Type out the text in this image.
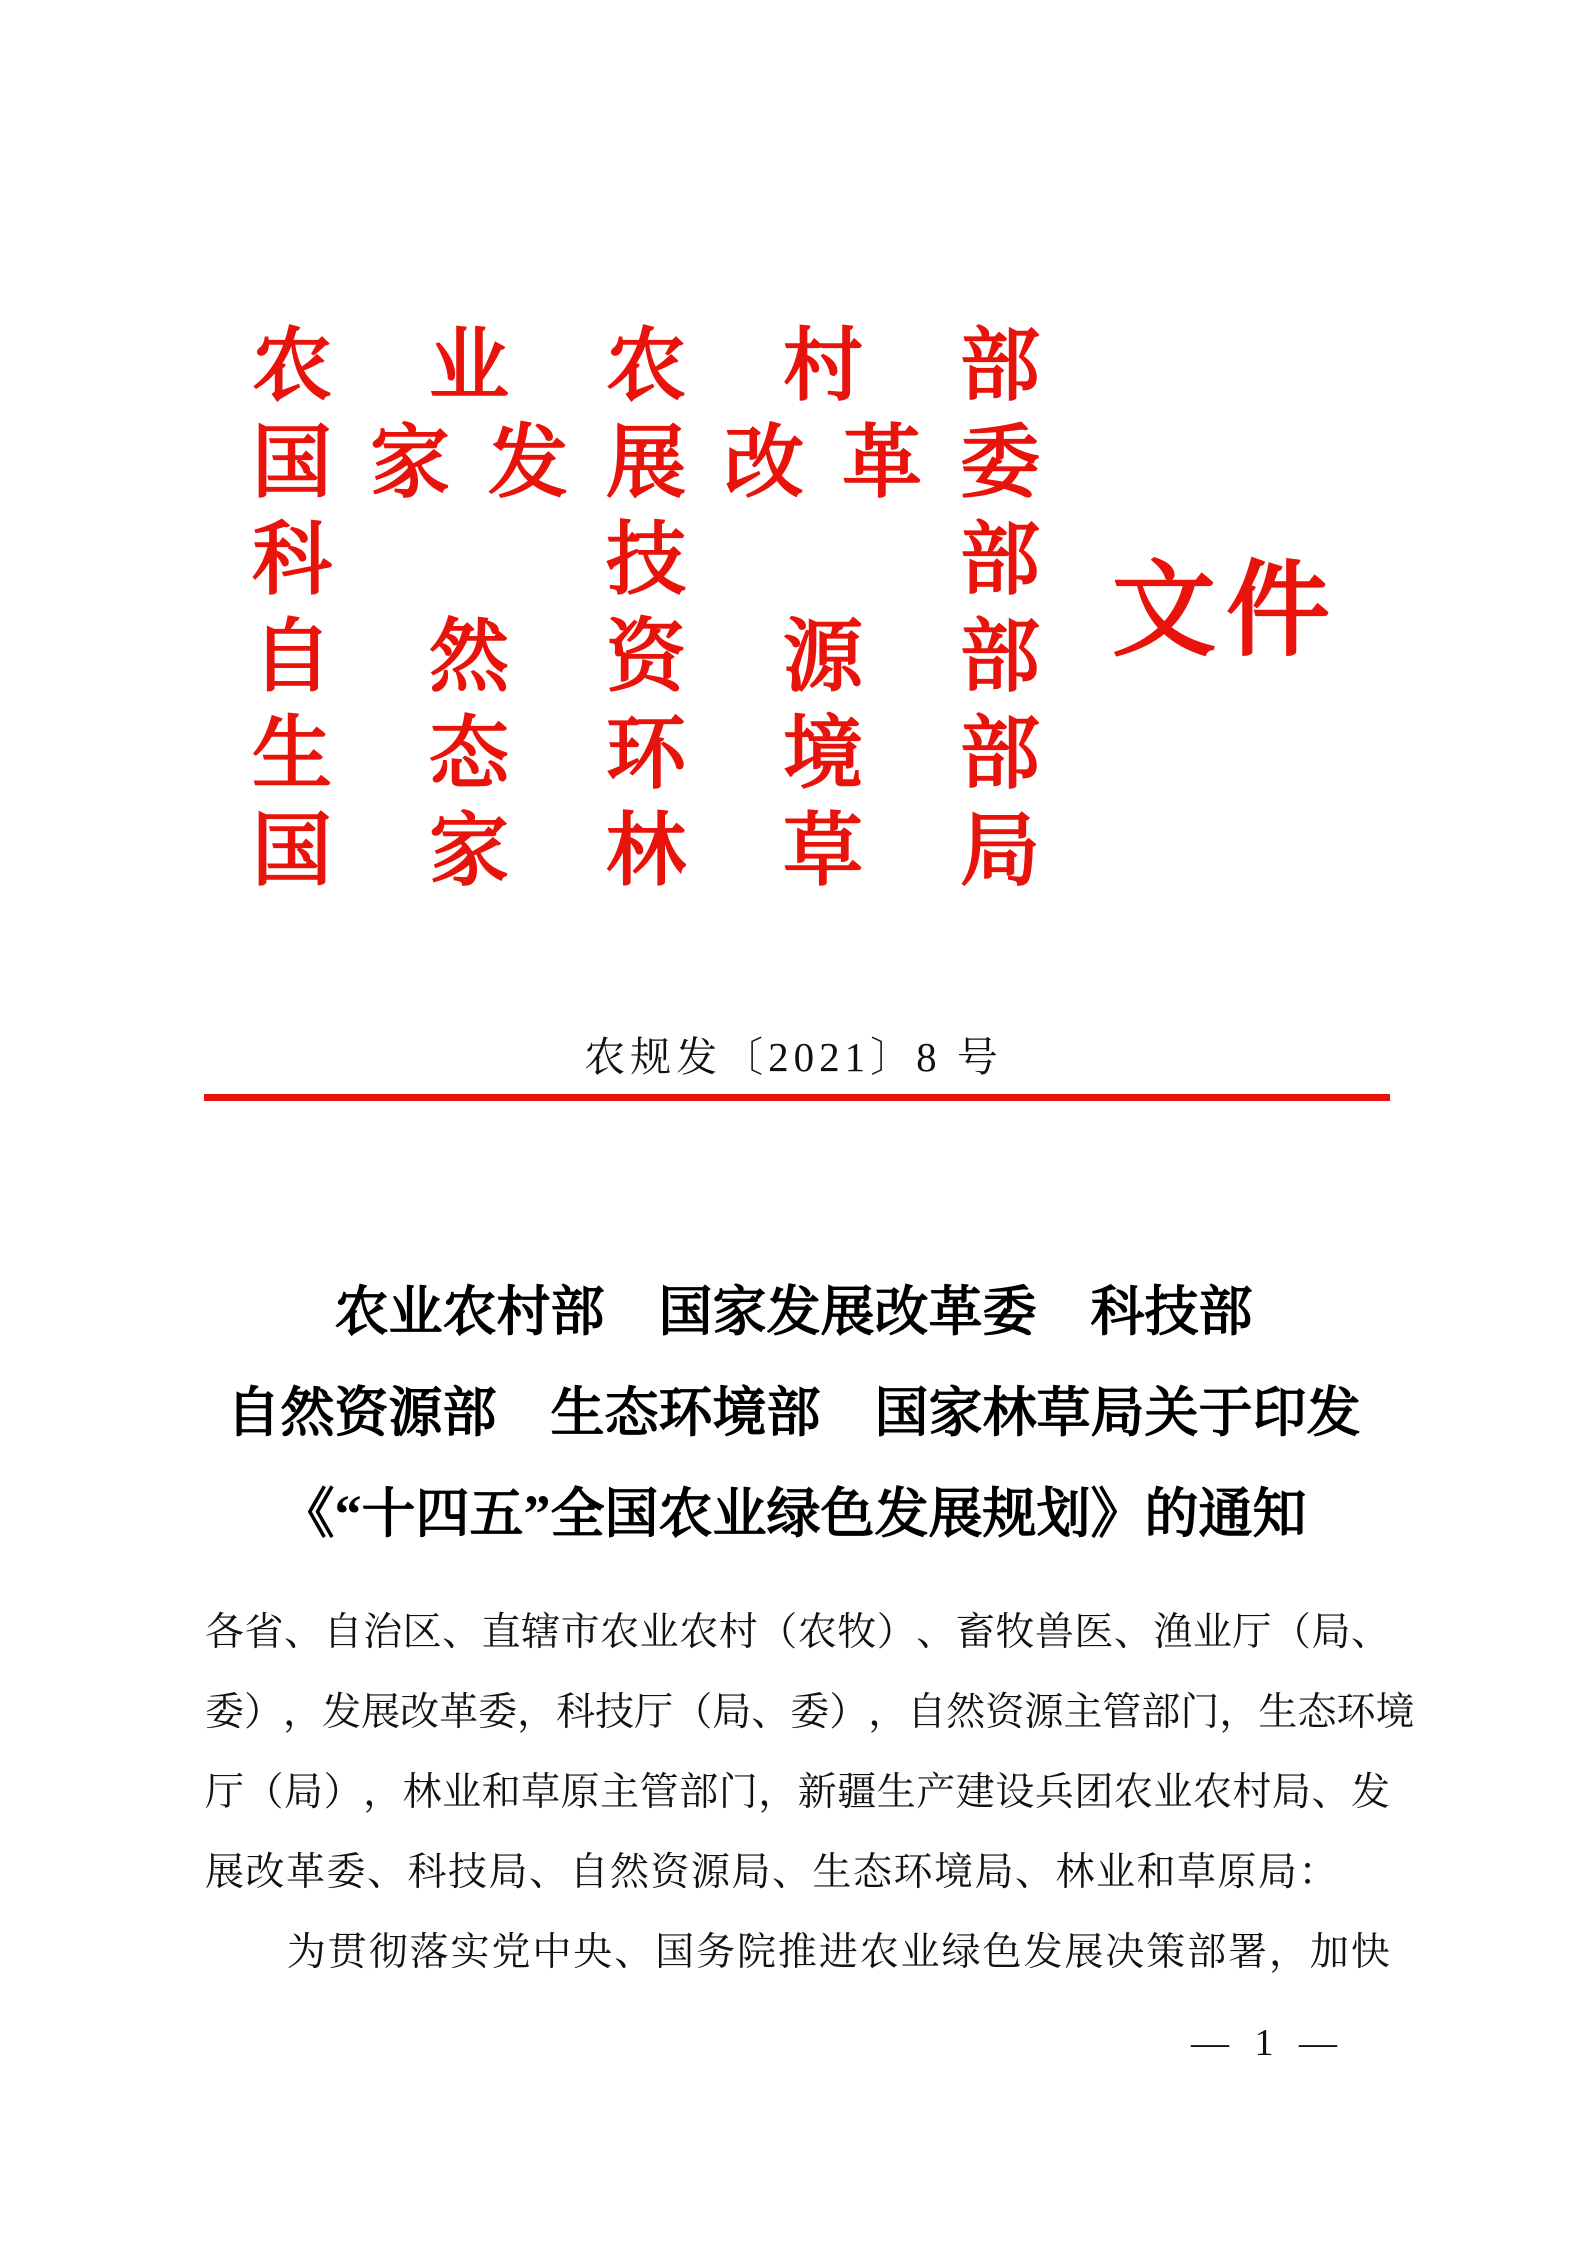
农 业 农 村 部
国 家 发 展 改 革 委
科	技	部
自 然 资 源 部
生 态 环 境 部
国 家 林 草 局
文件
农规发〔2021〕8 号
农业农村部　国家发展改革委　科技部
自然资源部　生态环境部　国家林草局关于印发
《“十四五”全国农业绿色发展规划》的通知
各 省 、 自 治 区 、 直 辖 市 农 业 农 村 （ 农 牧 ） 、 畜 牧 兽 医 、 渔 业 厅 （ 局 、
委 ） ， 发 展 改 革 委 ， 科 技 厅 （ 局 、 委 ） ， 自 然 资 源 主 管 部 门 ， 生 态 环 境
厅 （ 局 ） ， 林 业 和 草 原 主 管 部 门 ， 新 疆 生 产 建 设 兵 团 农 业 农 村 局 、 发
展改革委、科技局、自然资源局、生态环境局、林业和草原局：

为 贯 彻 落 实 党 中 央 、 国 务 院 推 进 农 业 绿 色 发 展 决 策 部 署 ， 加 快
— 1 —
